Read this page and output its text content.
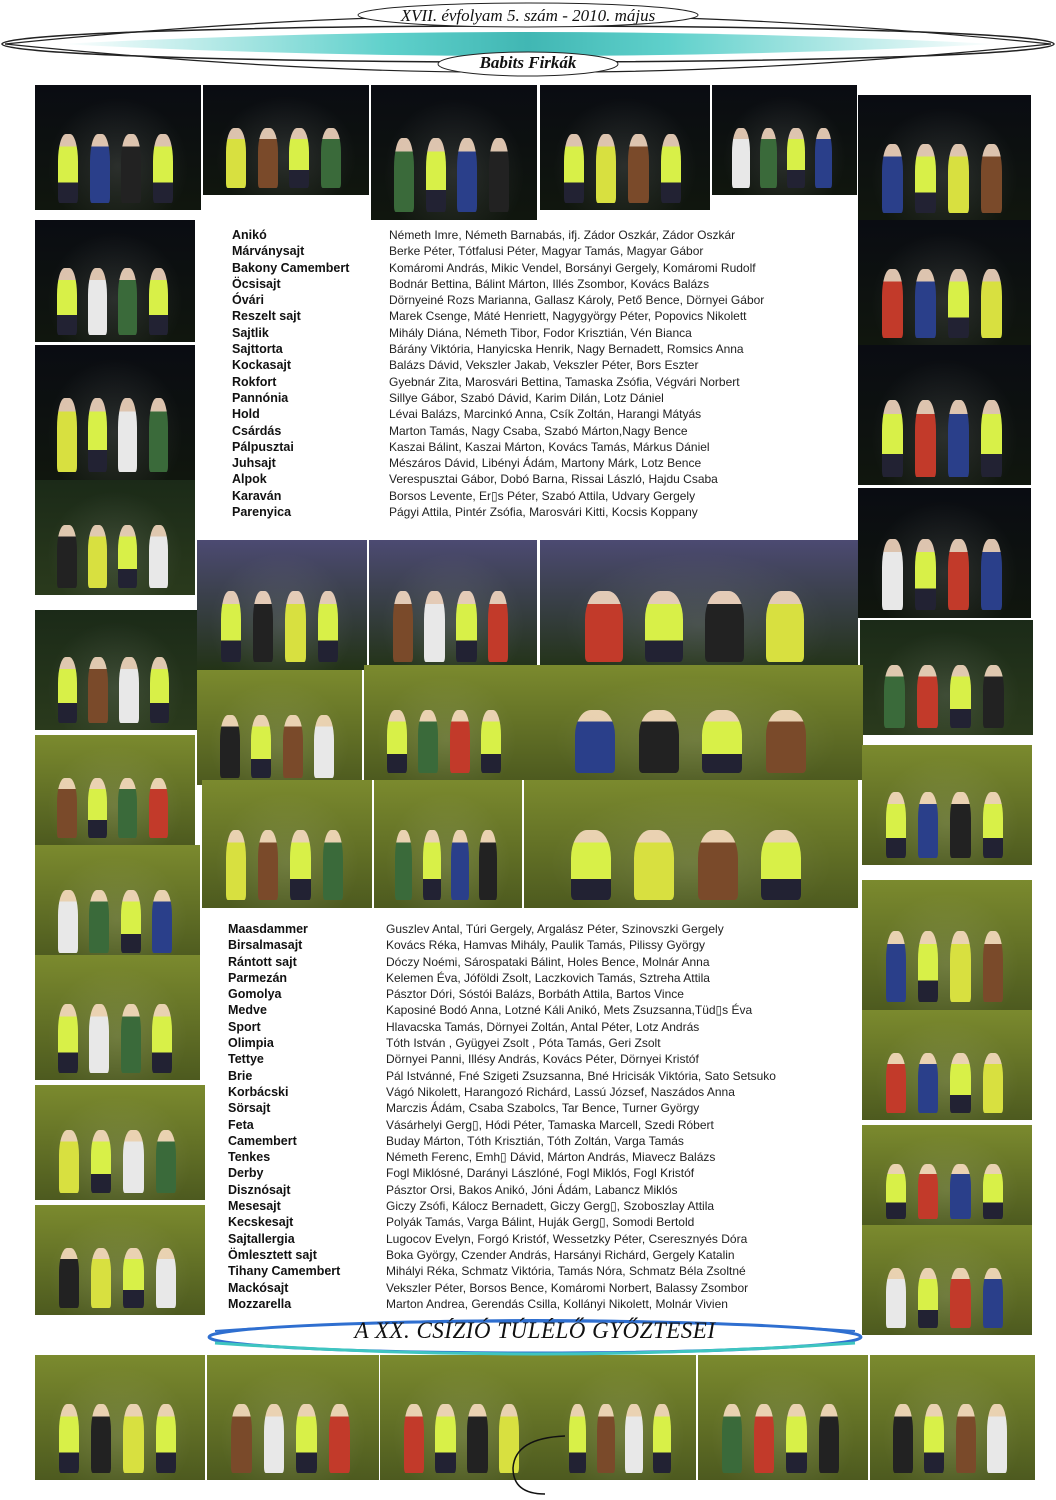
XVII. évfolyam 5. szám - 2010. május
Babits Firkák
Anikó	Németh Imre, Németh Barnabás, ifj. Zádor Oszkár, Zádor Oszkár
Márványsajt	Berke Péter, Tótfalusi Péter, Magyar Tamás, Magyar Gábor
Bakony Camembert	Komáromi András, Mikic Vendel, Borsányi Gergely, Komáromi Rudolf
Öcsisajt	Bodnár Bettina, Bálint Márton, Illés Zsombor, Kovács Balázs
Óvári	Dörnyeiné Rozs Marianna, Gallasz Károly, Pető Bence, Dörnyei Gábor
Reszelt sajt	Marek Csenge, Máté Henriett, Nagygyörgy Péter, Popovics Nikolett
Sajtlik	Mihály Diána, Németh Tibor, Fodor Krisztián, Vén Bianca
Sajttorta	Bárány Viktória, Hanyicska Henrik, Nagy Bernadett, Romsics Anna
Kockasajt	Balázs Dávid, Vekszler Jakab, Vekszler Péter, Bors Eszter
Rokfort	Gyebnár Zita, Marosvári Bettina, Tamaska Zsófia, Végvári Norbert
Pannónia	Sillye Gábor, Szabó Dávid, Karim Dilán, Lotz Dániel
Hold	Lévai Balázs, Marcinkó Anna, Csík Zoltán, Harangi Mátyás
Csárdás	Marton Tamás, Nagy Csaba, Szabó Márton,Nagy Bence
Pálpusztai	Kaszai Bálint, Kaszai Márton, Kovács Tamás, Márkus Dániel
Juhsajt	Mészáros Dávid, Libényi Ádám, Martony Márk, Lotz Bence
Alpok	Verespusztai Gábor, Dobó Barna, Rissai László, Hajdu Csaba
Karaván	Borsos Levente, Er▯s Péter, Szabó Attila, Udvary Gergely
Parenyica	Págyi Attila, Pintér Zsófia, Marosvári Kitti, Kocsis Koppany
Maasdammer	Guszlev Antal, Túri Gergely, Argalász Péter, Szinovszki Gergely
Birsalmasajt	Kovács Réka, Hamvas Mihály, Paulik Tamás, Pilissy György
Rántott sajt	Dóczy Noémi, Sárospataki Bálint, Holes Bence, Molnár Anna
Parmezán	Kelemen Éva, Jóföldi Zsolt, Laczkovich Tamás, Sztreha Attila
Gomolya	Pásztor Dóri, Sóstói Balázs, Borbáth Attila, Bartos Vince
Medve	Kaposiné Bodó Anna, Lotzné Káli Anikó, Mets Zsuzsanna,Tüd▯s Éva
Sport	Hlavacska Tamás, Dörnyei Zoltán, Antal Péter, Lotz András
Olimpia	Tóth István , Gyügyei Zsolt , Póta Tamás, Geri Zsolt
Tettye	Dörnyei Panni, Illésy András, Kovács Péter, Dörnyei Kristóf
Brie	Pál Istvánné, Fné Szigeti Zsuzsanna, Bné Hricisák Viktória, Sato Setsuko
Korbácski	Vágó Nikolett, Harangozó Richárd, Lassú József, Naszádos Anna
Sörsajt	Marczis Ádám, Csaba Szabolcs, Tar Bence, Turner György
Feta	Vásárhelyi Gerg▯, Hódi Péter, Tamaska Marcell, Szedi Róbert
Camembert	Buday Márton, Tóth Krisztián, Tóth Zoltán, Varga Tamás
Tenkes	Németh Ferenc, Emh▯ Dávid, Márton András, Miavecz Balázs
Derby	Fogl Miklósné, Darányi Lászlóné, Fogl Miklós, Fogl Kristóf
Disznósajt	Pásztor Orsi, Bakos Anikó, Jóni Ádám, Labancz Miklós
Mesesajt	Giczy Zsófi, Kálocz Bernadett, Giczy Gerg▯, Szoboszlay Attila
Kecskesajt	Polyák Tamás, Varga Bálint, Huják Gerg▯, Somodi Bertold
Sajtallergia	Lugocov Evelyn, Forgó Kristóf, Wessetzky Péter, Cseresznyés Dóra
Ömlesztett sajt	Boka György, Czender András, Harsányi Richárd, Gergely Katalin
Tihany Camembert	Mihályi Réka, Schmatz Viktória, Tamás Nóra, Schmatz Béla Zsoltné
Mackósajt	Vekszler Péter, Borsos Bence, Komáromi Norbert, Balassy Zsombor
Mozzarella	Marton Andrea, Gerendás Csilla, Kollányi Nikolett, Molnár Vivien
A XX. CSÍZIÓ TÚLÉLŐ GYŐZTESEI
